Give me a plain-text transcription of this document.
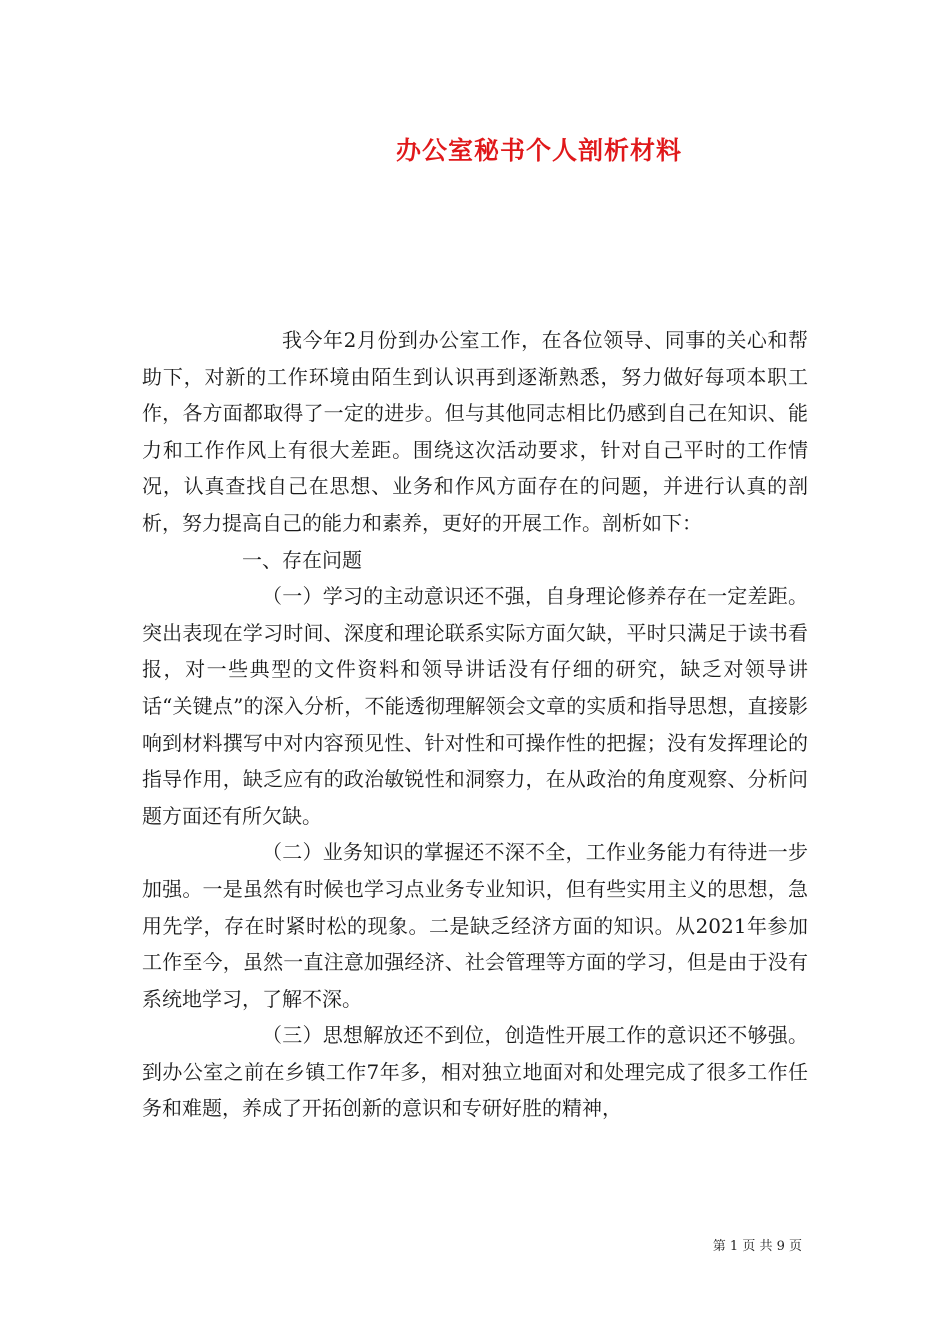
办公室秘书个人剖析材料

我今年2月份到办公室工作，在各位领导、同事的关心和帮助下，对新的工作环境由陌生到认识再到逐渐熟悉，努力做好每项本职工作，各方面都取得了一定的进步。但与其他同志相比仍感到自己在知识、能力和工作作风上有很大差距。围绕这次活动要求，针对自己平时的工作情况，认真查找自己在思想、业务和作风方面存在的问题，并进行认真的剖析，努力提高自己的能力和素养，更好的开展工作。剖析如下：

一、存在问题

（一）学习的主动意识还不强，自身理论修养存在一定差距。突出表现在学习时间、深度和理论联系实际方面欠缺，平时只满足于读书看报，对一些典型的文件资料和领导讲话没有仔细的研究，缺乏对领导讲话“关键点”的深入分析，不能透彻理解领会文章的实质和指导思想，直接影响到材料撰写中对内容预见性、针对性和可操作性的把握；没有发挥理论的指导作用，缺乏应有的政治敏锐性和洞察力，在从政治的角度观察、分析问题方面还有所欠缺。

（二）业务知识的掌握还不深不全，工作业务能力有待进一步加强。一是虽然有时候也学习点业务专业知识，但有些实用主义的思想，急用先学，存在时紧时松的现象。二是缺乏经济方面的知识。从2021年参加工作至今，虽然一直注意加强经济、社会管理等方面的学习，但是由于没有系统地学习，了解不深。

（三）思想解放还不到位，创造性开展工作的意识还不够强。到办公室之前在乡镇工作7年多，相对独立地面对和处理完成了很多工作任务和难题，养成了开拓创新的意识和专研好胜的精神，

第 1 页 共 9 页
